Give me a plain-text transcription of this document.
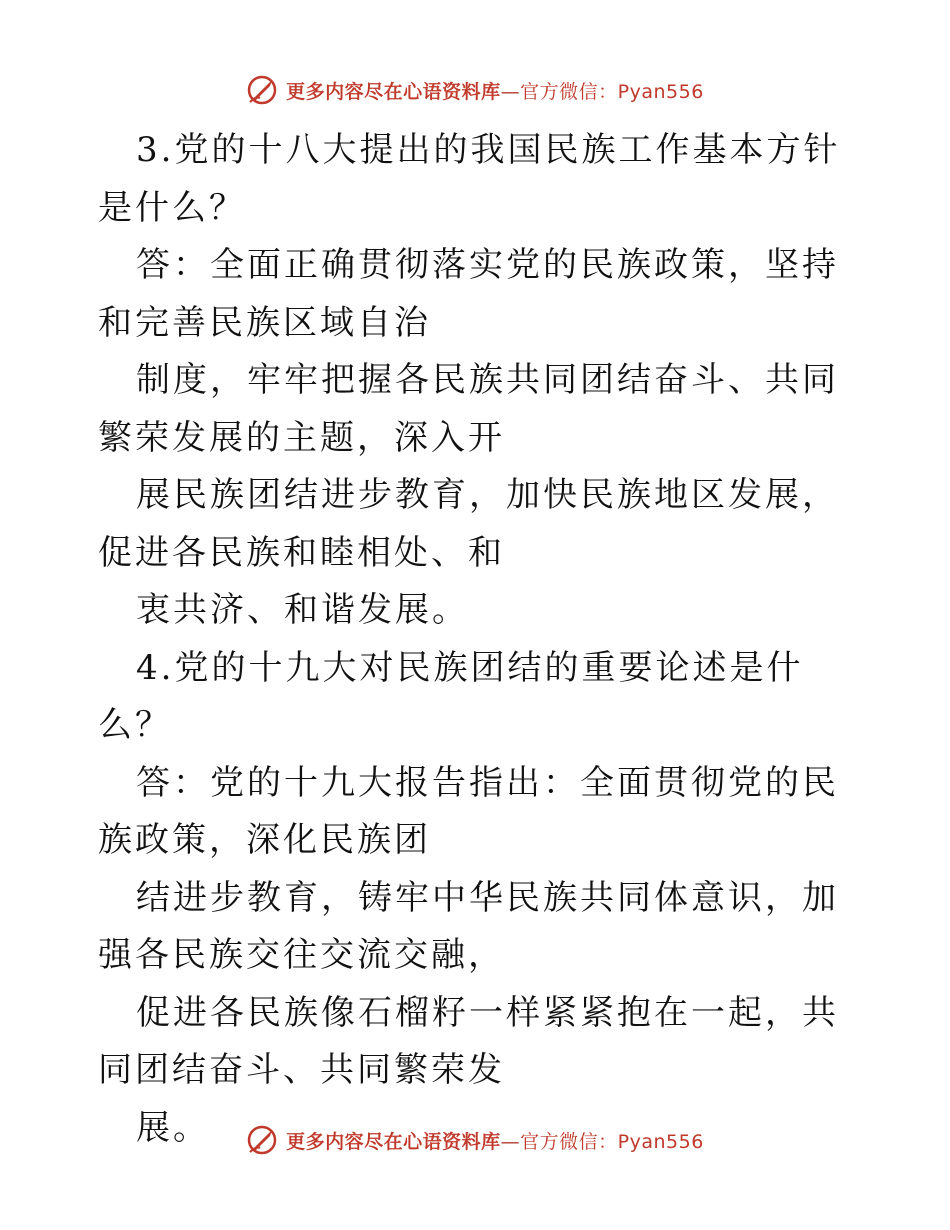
更多内容尽在心语资料库—官方微信：Pyan556

3.党的十八大提出的我国民族工作基本方针是什么？

答：全面正确贯彻落实党的民族政策，坚持和完善民族区域自治

制度，牢牢把握各民族共同团结奋斗、共同繁荣发展的主题，深入开

展民族团结进步教育，加快民族地区发展，促进各民族和睦相处、和

衷共济、和谐发展。

4.党的十九大对民族团结的重要论述是什么？

答：党的十九大报告指出：全面贯彻党的民族政策，深化民族团

结进步教育，铸牢中华民族共同体意识，加强各民族交往交流交融，

促进各民族像石榴籽一样紧紧抱在一起，共同团结奋斗、共同繁荣发

展。	更多内容尽在心语资料库—官方微信：Pyan556
